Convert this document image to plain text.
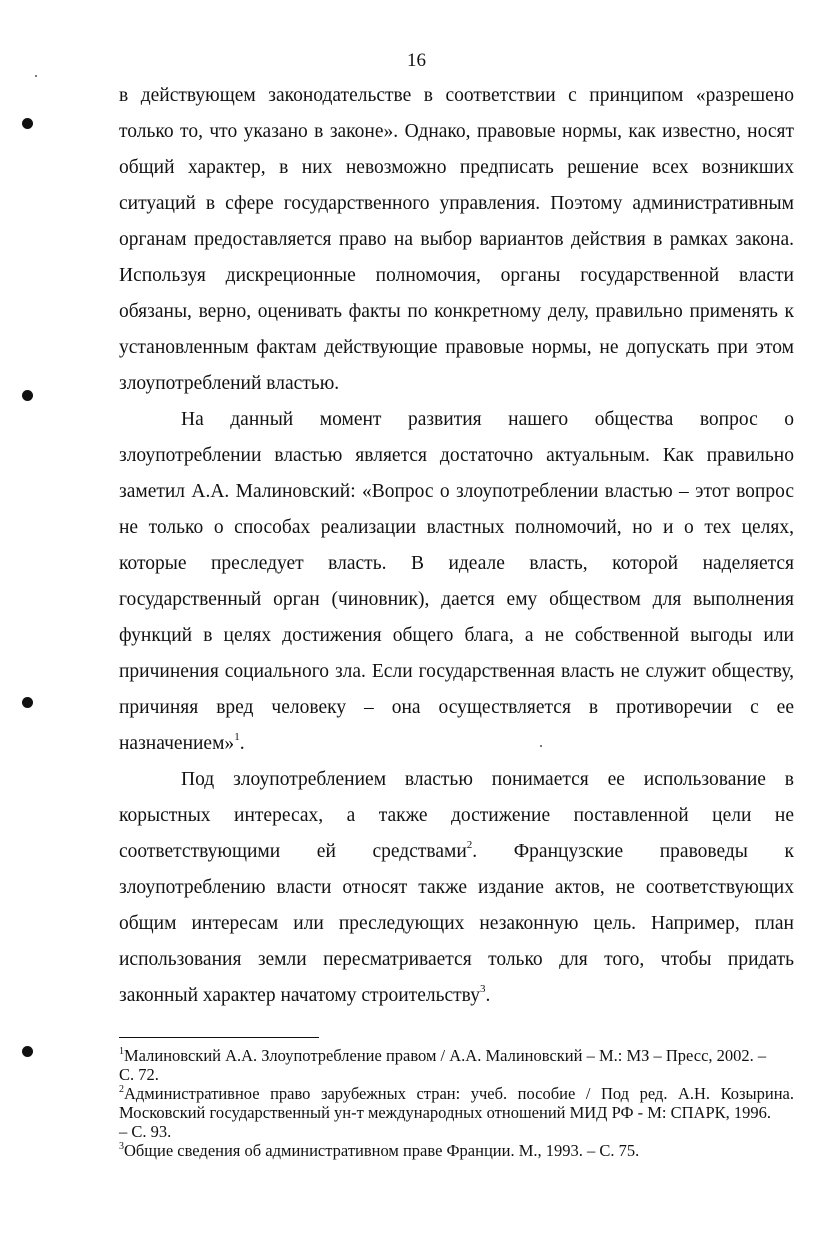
16
в действующем законодательстве в соответствии с принципом «разрешено
только то, что указано в законе». Однако, правовые нормы, как известно, носят
общий характер, в них невозможно предписать решение всех возникших
ситуаций в сфере государственного управления. Поэтому административным
органам предоставляется право на выбор вариантов действия в рамках закона.
Используя дискреционные полномочия, органы государственной власти
обязаны, верно, оценивать факты по конкретному делу, правильно применять к
установленным фактам действующие правовые нормы, не допускать при этом
злоупотреблений властью.
На данный момент развития нашего общества вопрос о
злоупотреблении властью является достаточно актуальным. Как правильно
заметил А.А. Малиновский: «Вопрос о злоупотреблении властью – этот вопрос
не только о способах реализации властных полномочий, но и о тех целях,
которые преследует власть. В идеале власть, которой наделяется
государственный орган (чиновник), дается ему обществом для выполнения
функций в целях достижения общего блага, а не собственной выгоды или
причинения социального зла. Если государственная власть не служит обществу,
причиняя вред человеку – она осуществляется в противоречии с ее
назначением»$^1$.
Под злоупотреблением властью понимается ее использование в
корыстных интересах, а также достижение поставленной цели не
соответствующими ей средствами$^2$. Французские правоведы к
злоупотреблению власти относят также издание актов, не соответствующих
общим интересам или преследующих незаконную цель. Например, план
использования земли пересматривается только для того, чтобы придать
законный характер начатому строительству$^3$.
$^1$Малиновский А.А. Злоупотребление правом / А.А. Малиновский – М.: МЗ – Пресс, 2002. –
С. 72.
$^2$Административное право зарубежных стран: учеб. пособие / Под ред. А.Н. Козырина.
Московский государственный ун-т международных отношений МИД РФ - М: СПАРК, 1996.
– С. 93.
$^3$Общие сведения об административном праве Франции. М., 1993. – С. 75.
